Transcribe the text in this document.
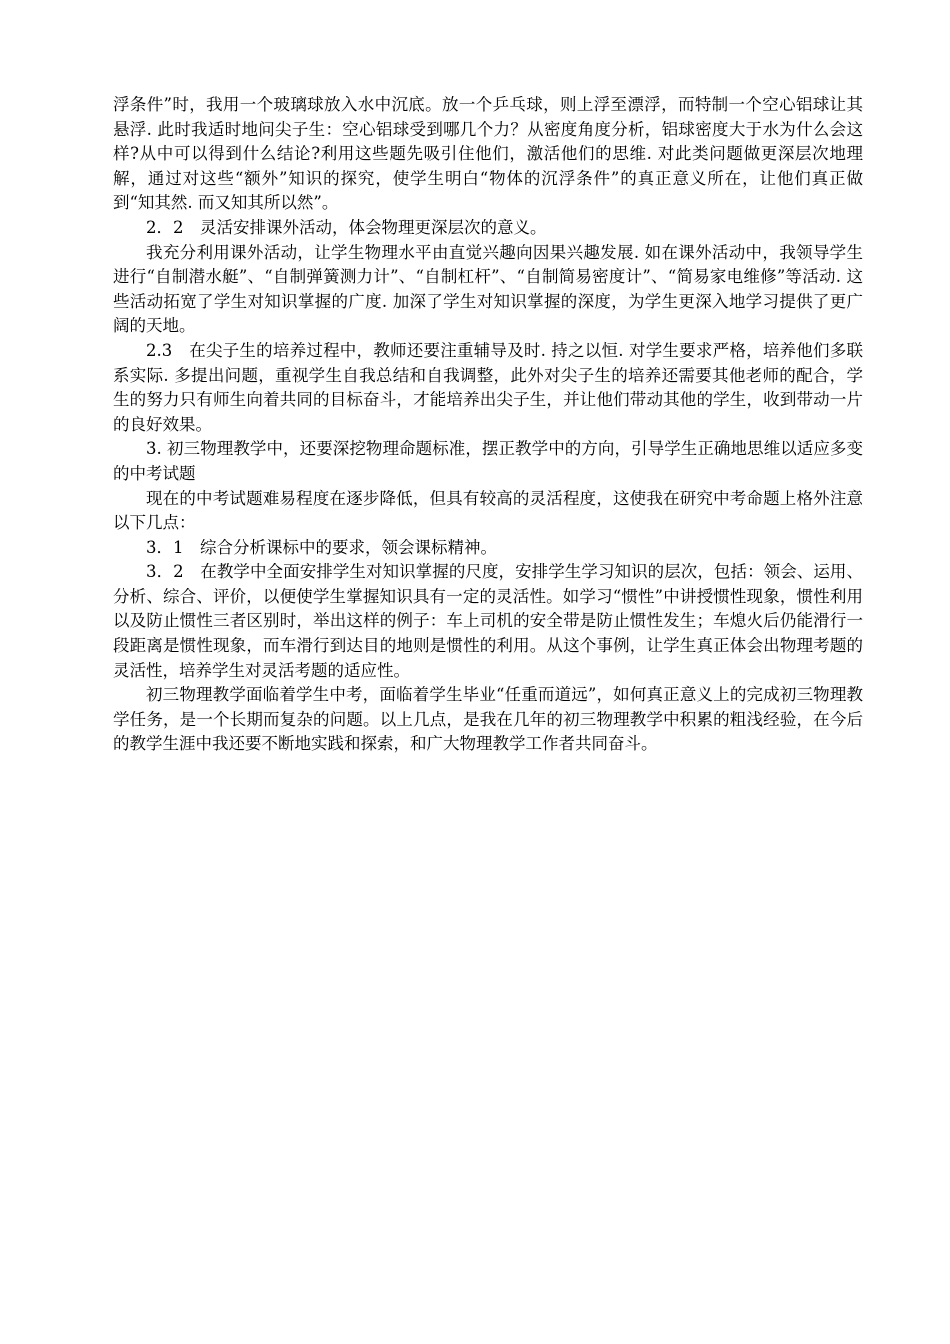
浮条件”时，我用一个玻璃球放入水中沉底。放一个乒乓球，则上浮至漂浮，而特制一个空心铝球让其悬浮. 此时我适时地问尖子生：空心铝球受到哪几个力？从密度角度分析，铝球密度大于水为什么会这样?从中可以得到什么结论?利用这些题先吸引住他们，激活他们的思维. 对此类问题做更深层次地理解，通过对这些“额外”知识的探究，使学生明白“物体的沉浮条件”的真正意义所在，让他们真正做到“知其然. 而又知其所以然”。

2．2　灵活安排课外活动，体会物理更深层次的意义。

我充分利用课外活动，让学生物理水平由直觉兴趣向因果兴趣发展. 如在课外活动中，我领导学生进行“自制潜水艇”、“自制弹簧测力计”、“自制杠杆”、“自制简易密度计”、“简易家电维修”等活动. 这些活动拓宽了学生对知识掌握的广度. 加深了学生对知识掌握的深度，为学生更深入地学习提供了更广阔的天地。

2.3　在尖子生的培养过程中，教师还要注重辅导及时. 持之以恒. 对学生要求严格，培养他们多联系实际. 多提出问题，重视学生自我总结和自我调整，此外对尖子生的培养还需要其他老师的配合，学生的努力只有师生向着共同的目标奋斗，才能培养出尖子生，并让他们带动其他的学生，收到带动一片的良好效果。

3. 初三物理教学中，还要深挖物理命题标准，摆正教学中的方向，引导学生正确地思维以适应多变的中考试题

现在的中考试题难易程度在逐步降低，但具有较高的灵活程度，这使我在研究中考命题上格外注意以下几点：

3．1　综合分析课标中的要求，领会课标精神。

3．2　在教学中全面安排学生对知识掌握的尺度，安排学生学习知识的层次，包括：领会、运用、分析、综合、评价，以便使学生掌握知识具有一定的灵活性。如学习“惯性”中讲授惯性现象，惯性利用以及防止惯性三者区别时，举出这样的例子：车上司机的安全带是防止惯性发生；车熄火后仍能滑行一段距离是惯性现象，而车滑行到达目的地则是惯性的利用。从这个事例，让学生真正体会出物理考题的灵活性，培养学生对灵活考题的适应性。

初三物理教学面临着学生中考，面临着学生毕业“任重而道远”，如何真正意义上的完成初三物理教学任务，是一个长期而复杂的问题。以上几点，是我在几年的初三物理教学中积累的粗浅经验，在今后的教学生涯中我还要不断地实践和探索，和广大物理教学工作者共同奋斗。
